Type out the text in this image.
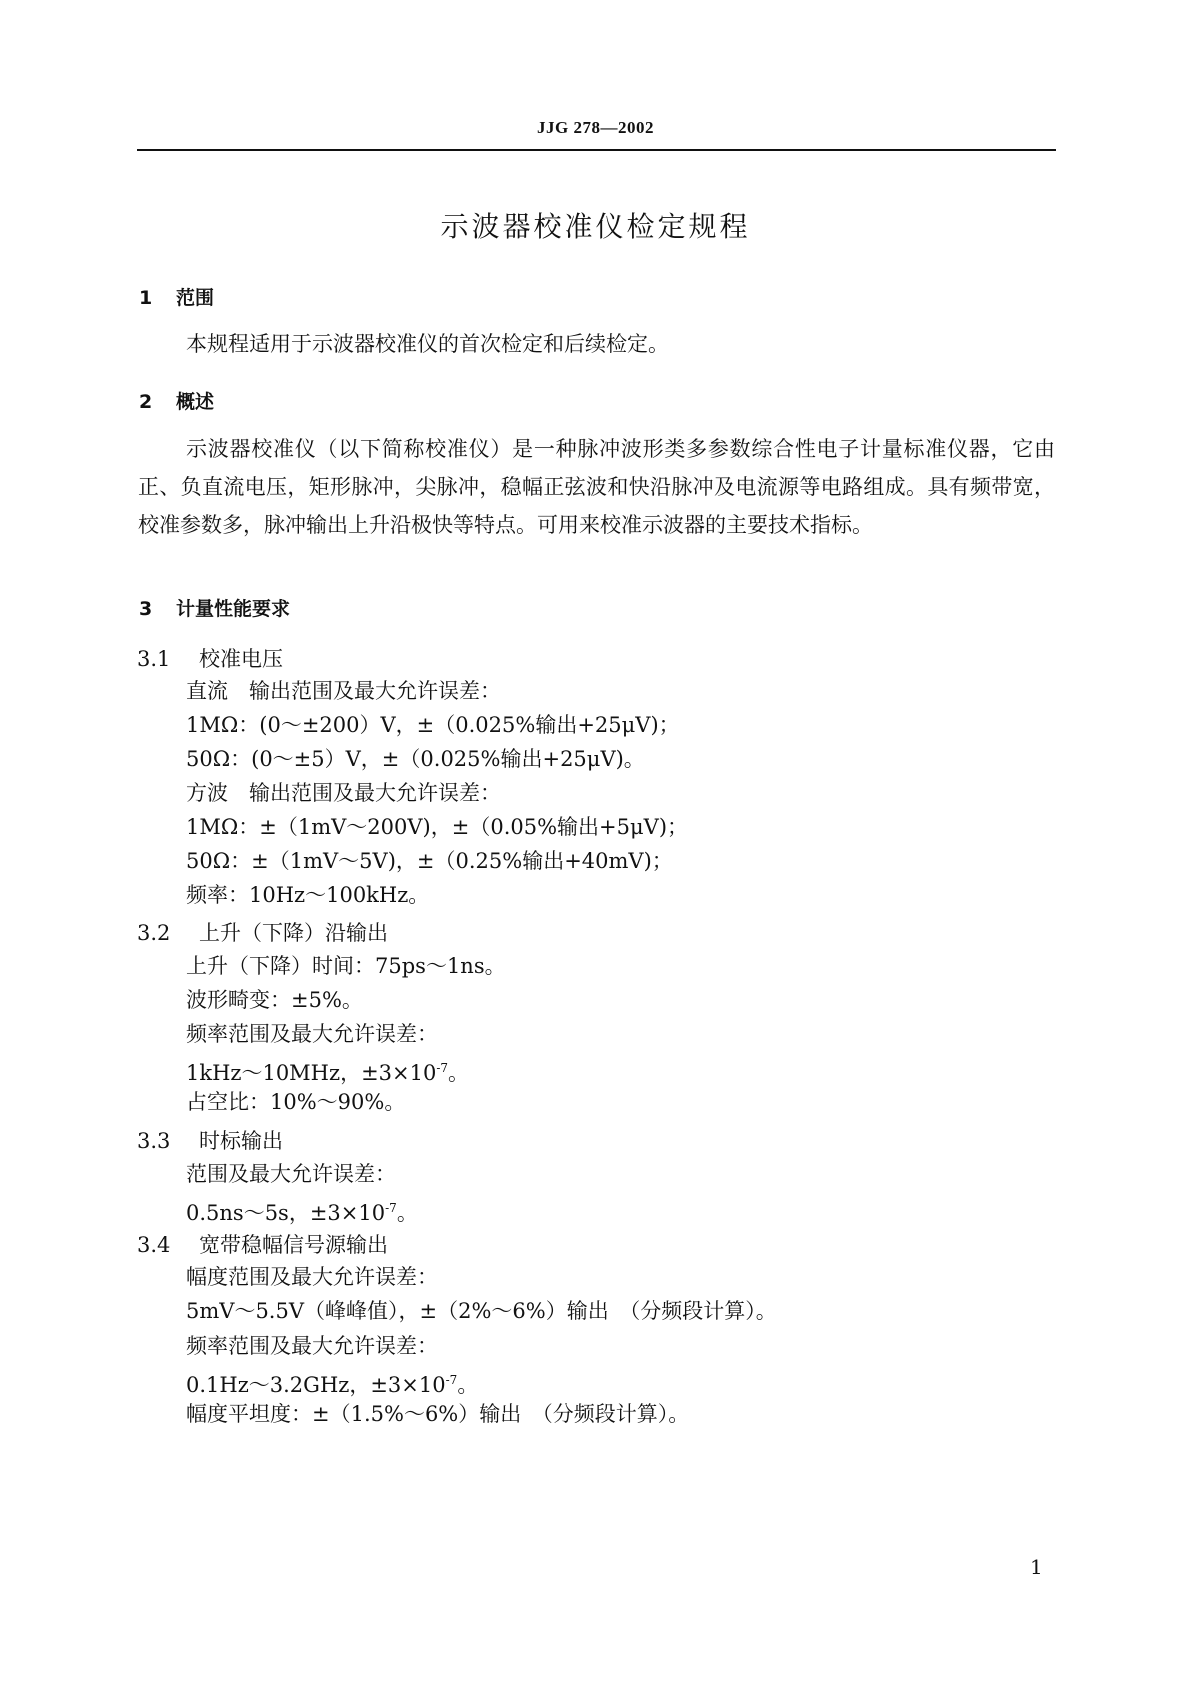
JJG 278—2002
示波器校准仪检定规程
1 范围
本规程适用于示波器校准仪的首次检定和后续检定。
2 概述
示波器校准仪（以下简称校准仪）是一种脉冲波形类多参数综合性电子计量标准仪器，它由正、负直流电压，矩形脉冲，尖脉冲，稳幅正弦波和快沿脉冲及电流源等电路组成。具有频带宽，校准参数多，脉冲输出上升沿极快等特点。可用来校准示波器的主要技术指标。
3 计量性能要求
3.1 校准电压
直流　输出范围及最大允许误差：
1MΩ：(0～±200）V，±（0.025%输出+25μV)；
50Ω：(0～±5）V，±（0.025%输出+25μV)。
方波　输出范围及最大允许误差：
1MΩ：±（1mV～200V)，±（0.05%输出+5μV)；
50Ω：±（1mV～5V)，±（0.25%输出+40mV)；
频率：10Hz～100kHz。
3.2 上升（下降）沿输出
上升（下降）时间：75ps～1ns。
波形畸变：±5%。
频率范围及最大允许误差：
1kHz～10MHz，$\pm 3\times 10^{-7}$。
占空比：10%～90%。
3.3 时标输出
范围及最大允许误差：
0.5ns～5s，$\pm 3\times 10^{-7}$。
3.4 宽带稳幅信号源输出
幅度范围及最大允许误差：
5mV～5.5V（峰峰值），±（2%～6%）输出　（分频段计算）。
频率范围及最大允许误差：
0.1Hz～3.2GHz，$\pm 3\times 10^{-7}$。
幅度平坦度：±（1.5%～6%）输出　（分频段计算）。
1
